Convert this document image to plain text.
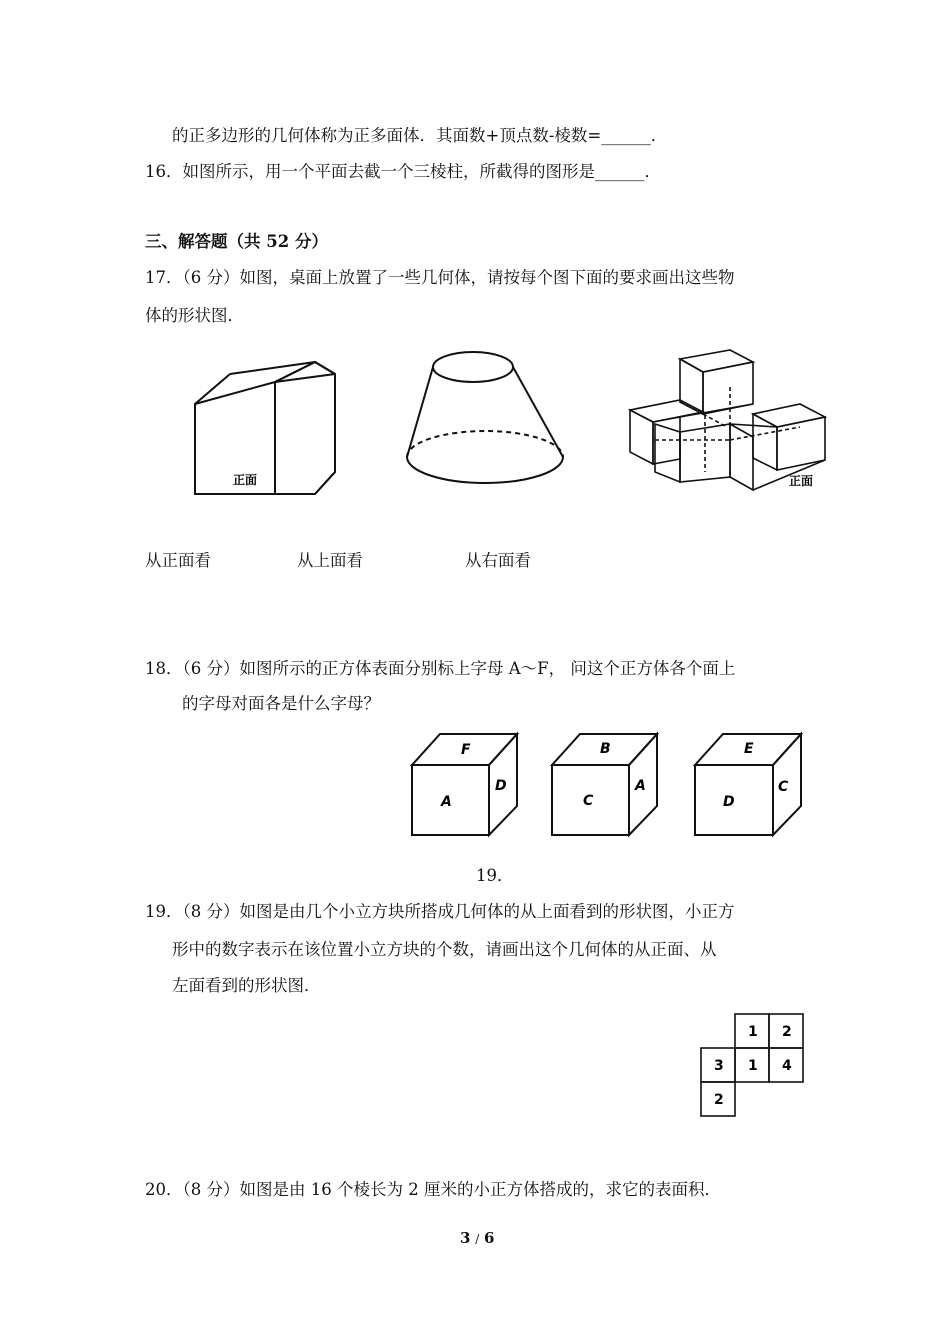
的正多边形的几何体称为正多面体．其面数+顶点数-棱数=______．
16．如图所示，用一个平面去截一个三棱柱，所截得的图形是______．
三、解答题（共 52 分）
17．（6 分）如图，桌面上放置了一些几何体，请按每个图下面的要求画出这些物
体的形状图．
正面	正面
从正面看	从上面看	从右面看
18．（6 分）如图所示的正方体表面分别标上字母 A～F， 问这个正方体各个面上
的字母对面各是什么字母？
F
A
D
B
C
A
E
D
C
19．
19．（8 分）如图是由几个小立方块所搭成几何体的从上面看到的形状图，小正方
形中的数字表示在该位置小立方块的个数，请画出这个几何体的从正面、从
左面看到的形状图．
1 2
3 1 4
2
20．（8 分）如图是由 16 个棱长为 2 厘米的小正方体搭成的，求它的表面积．
3 / 6
